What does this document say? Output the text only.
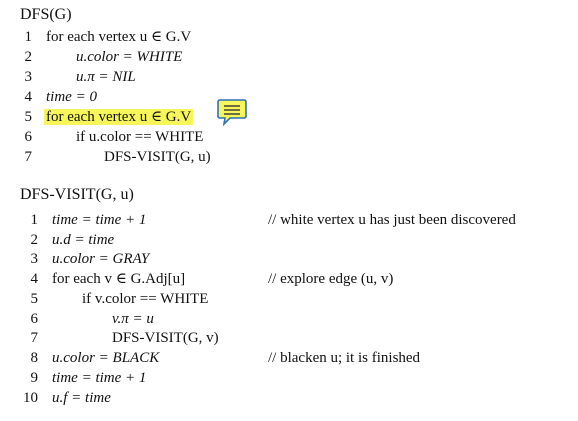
DFS(G)
1 for each vertex u ∈ G.V
2	u.color = WHITE
3	u.π = NIL
4 time = 0
5 for each vertex u ∈ G.V
6	if u.color == WHITE
7	DFS-VISIT(G, u)
DFS-VISIT(G, u)
1 time = time + 1	// white vertex u has just been discovered
2 u.d = time
3 u.color = GRAY
4 for each v ∈ G.Adj[u]	// explore edge (u, v)
5	if v.color == WHITE
6	v.π = u
7	DFS-VISIT(G, v)
8 u.color = BLACK	// blacken u; it is finished
9 time = time + 1
10 u.f = time
